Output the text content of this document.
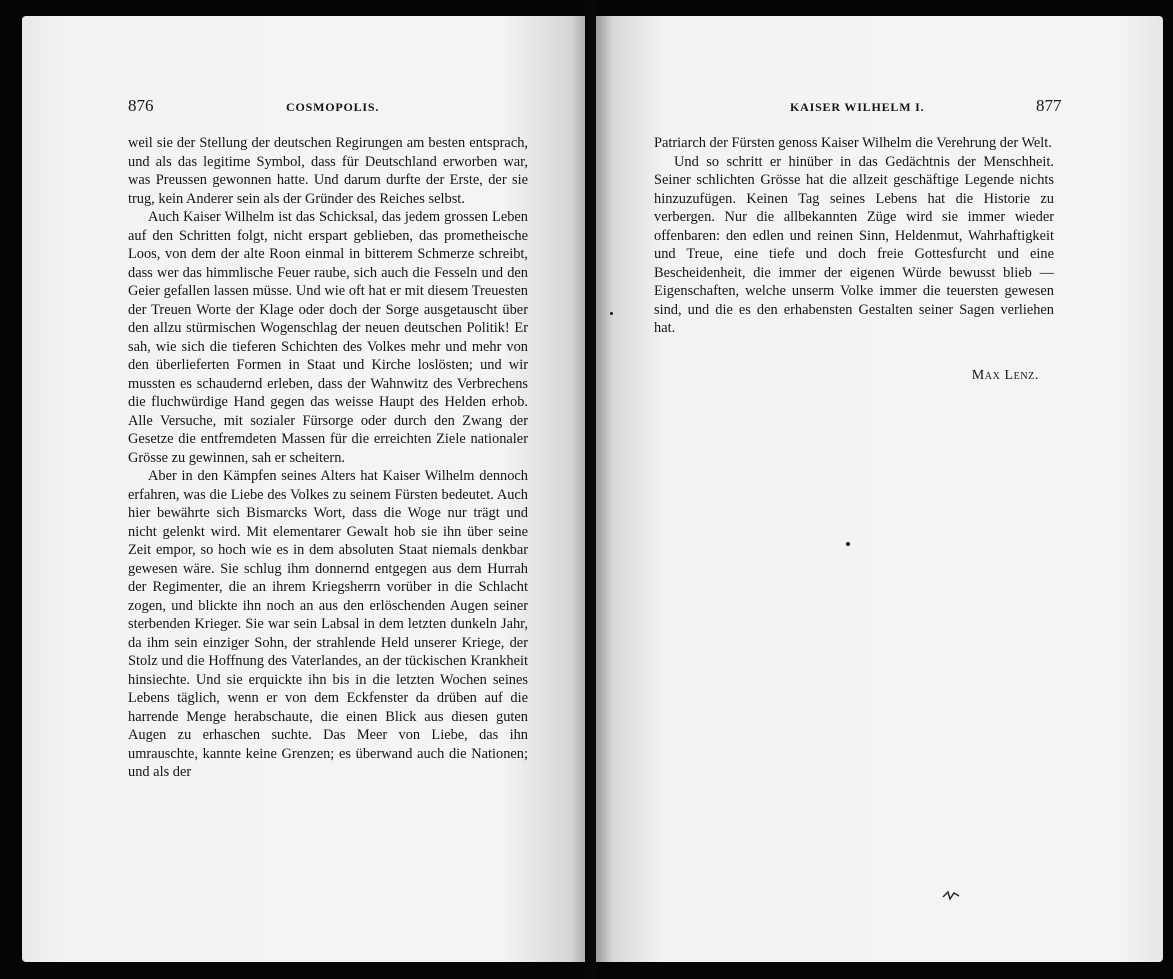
876	COSMOPOLIS.

weil sie der Stellung der deutschen Regirungen am besten entsprach, und als das legitime Symbol, dass für Deutschland erworben war, was Preussen gewonnen hatte. Und darum durfte der Erste, der sie trug, kein Anderer sein als der Gründer des Reiches selbst.

Auch Kaiser Wilhelm ist das Schicksal, das jedem grossen Leben auf den Schritten folgt, nicht erspart geblieben, das prometheische Loos, von dem der alte Roon einmal in bitterem Schmerze schreibt, dass wer das himmlische Feuer raube, sich auch die Fesseln und den Geier gefallen lassen müsse. Und wie oft hat er mit diesem Treuesten der Treuen Worte der Klage oder doch der Sorge ausgetauscht über den allzu stürmischen Wogenschlag der neuen deutschen Politik! Er sah, wie sich die tieferen Schichten des Volkes mehr und mehr von den überlieferten Formen in Staat und Kirche loslösten; und wir mussten es schaudernd erleben, dass der Wahnwitz des Verbrechens die fluchwürdige Hand gegen das weisse Haupt des Helden erhob. Alle Versuche, mit sozialer Fürsorge oder durch den Zwang der Gesetze die entfremdeten Massen für die erreichten Ziele nationaler Grösse zu gewinnen, sah er scheitern.

Aber in den Kämpfen seines Alters hat Kaiser Wilhelm dennoch erfahren, was die Liebe des Volkes zu seinem Fürsten bedeutet. Auch hier bewährte sich Bismarcks Wort, dass die Woge nur trägt und nicht gelenkt wird. Mit elementarer Gewalt hob sie ihn über seine Zeit empor, so hoch wie es in dem absoluten Staat niemals denkbar gewesen wäre. Sie schlug ihm donnernd entgegen aus dem Hurrah der Regimenter, die an ihrem Kriegsherrn vorüber in die Schlacht zogen, und blickte ihn noch an aus den erlöschenden Augen seiner sterbenden Krieger. Sie war sein Labsal in dem letzten dunkeln Jahr, da ihm sein einziger Sohn, der strahlende Held unserer Kriege, der Stolz und die Hoffnung des Vaterlandes, an der tückischen Krankheit hinsiechte. Und sie erquickte ihn bis in die letzten Wochen seines Lebens täglich, wenn er von dem Eckfenster da drüben auf die harrende Menge herabschaute, die einen Blick aus diesen guten Augen zu erhaschen suchte. Das Meer von Liebe, das ihn umrauschte, kannte keine Grenzen; es überwand auch die Nationen; und als der

KAISER WILHELM I.	877

Patriarch der Fürsten genoss Kaiser Wilhelm die Verehrung der Welt.

Und so schritt er hinüber in das Gedächtnis der Menschheit. Seiner schlichten Grösse hat die allzeit geschäftige Legende nichts hinzuzufügen. Keinen Tag seines Lebens hat die Historie zu verbergen. Nur die allbekannten Züge wird sie immer wieder offenbaren: den edlen und reinen Sinn, Heldenmut, Wahrhaftigkeit und Treue, eine tiefe und doch freie Gottesfurcht und eine Bescheidenheit, die immer der eigenen Würde bewusst blieb — Eigenschaften, welche unserm Volke immer die teuersten gewesen sind, und die es den erhabensten Gestalten seiner Sagen verliehen hat.

Max Lenz.
